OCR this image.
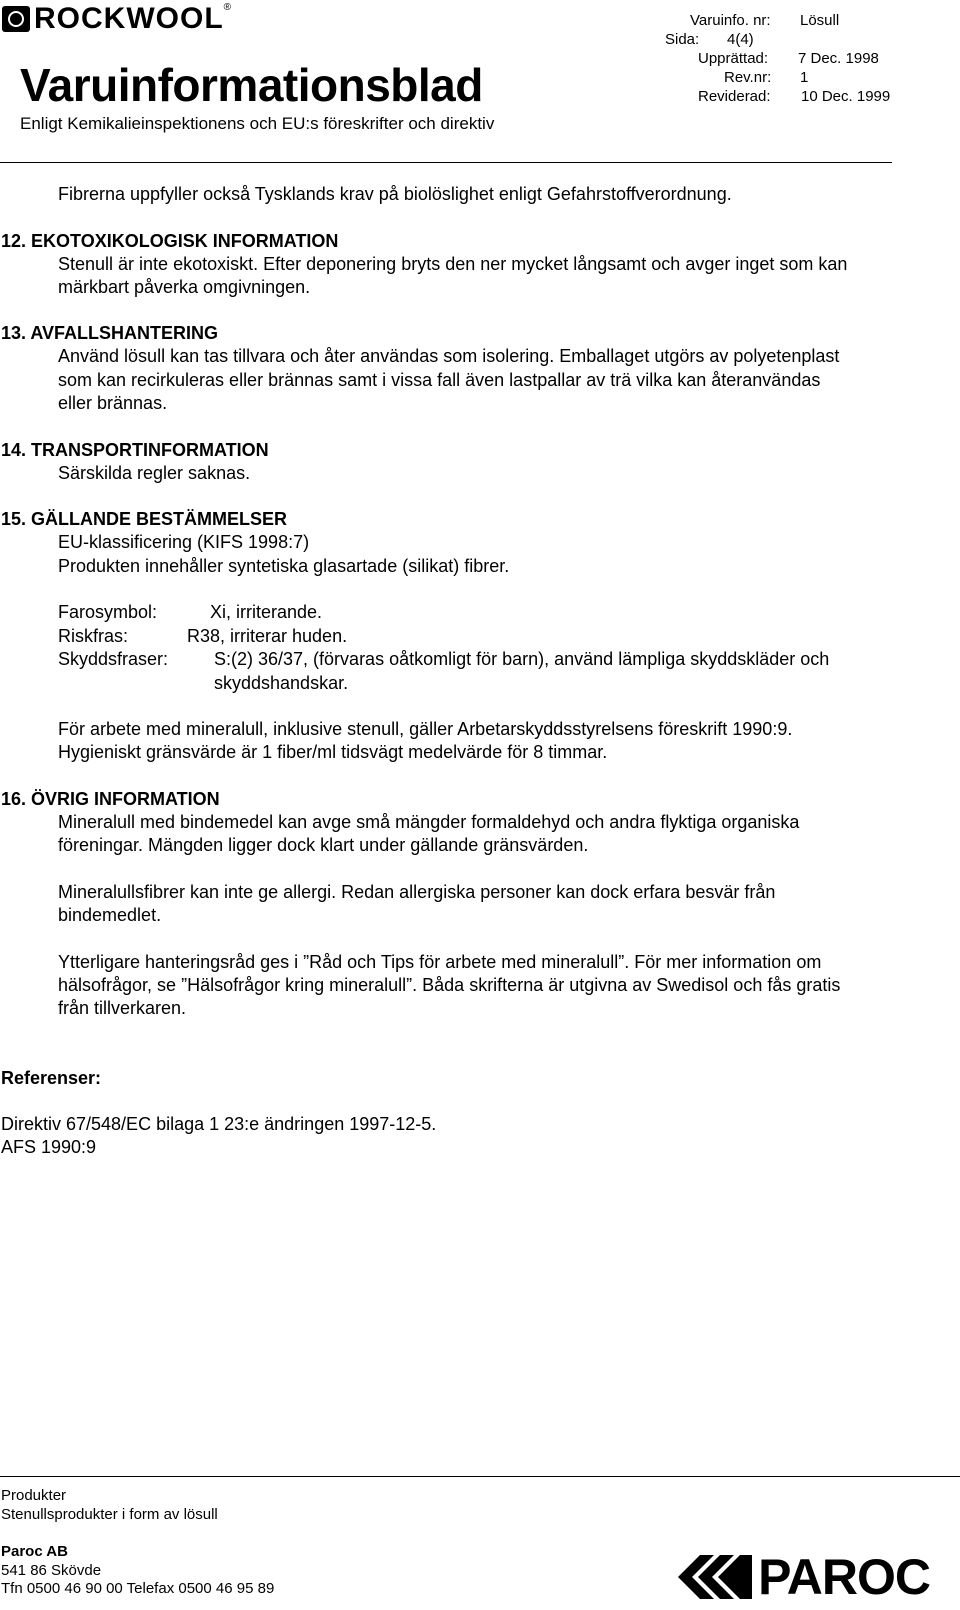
ROCKWOOL ®
Varuinformationsblad
Enligt Kemikalieinspektionens och EU:s föreskrifter och direktiv
Varuinfo. nr: Lösull
Sida: 4(4)
Upprättad: 7 Dec. 1998
Rev.nr: 1
Reviderad: 10 Dec. 1999
Fibrerna uppfyller också Tysklands krav på biolöslighet enligt Gefahrstoffverordnung.
12. EKOTOXIKOLOGISK INFORMATION
Stenull är inte ekotoxiskt. Efter deponering bryts den ner mycket långsamt och avger inget som kan
märkbart påverka omgivningen.
13. AVFALLSHANTERING
Använd lösull kan tas tillvara och åter användas som isolering. Emballaget utgörs av polyetenplast
som kan recirkuleras eller brännas samt i vissa fall även lastpallar av trä vilka kan återanvändas
eller brännas.
14. TRANSPORTINFORMATION
Särskilda regler saknas.
15. GÄLLANDE BESTÄMMELSER
EU-klassificering (KIFS 1998:7)
Produkten innehåller syntetiska glasartade (silikat) fibrer.
Farosymbol:	Xi, irriterande.
Riskfras:	R38, irriterar huden.
Skyddsfraser:	S:(2) 36/37, (förvaras oåtkomligt för barn), använd lämpliga skyddskläder och
skyddshandskar.
För arbete med mineralull, inklusive stenull, gäller Arbetarskyddsstyrelsens föreskrift 1990:9.
Hygieniskt gränsvärde är 1 fiber/ml tidsvägt medelvärde för 8 timmar.
16. ÖVRIG INFORMATION
Mineralull med bindemedel kan avge små mängder formaldehyd och andra flyktiga organiska
föreningar. Mängden ligger dock klart under gällande gränsvärden.
Mineralullsfibrer kan inte ge allergi. Redan allergiska personer kan dock erfara besvär från
bindemedlet.
Ytterligare hanteringsråd ges i ”Råd och Tips för arbete med mineralull”. För mer information om
hälsofrågor, se ”Hälsofrågor kring mineralull”. Båda skrifterna är utgivna av Swedisol och fås gratis
från tillverkaren.
Referenser:
Direktiv 67/548/EC bilaga 1 23:e ändringen 1997-12-5.
AFS 1990:9
Produkter
Stenullsprodukter i form av lösull
Paroc AB
541 86 Skövde
Tfn 0500 46 90 00 Telefax 0500 46 95 89	PAROC
